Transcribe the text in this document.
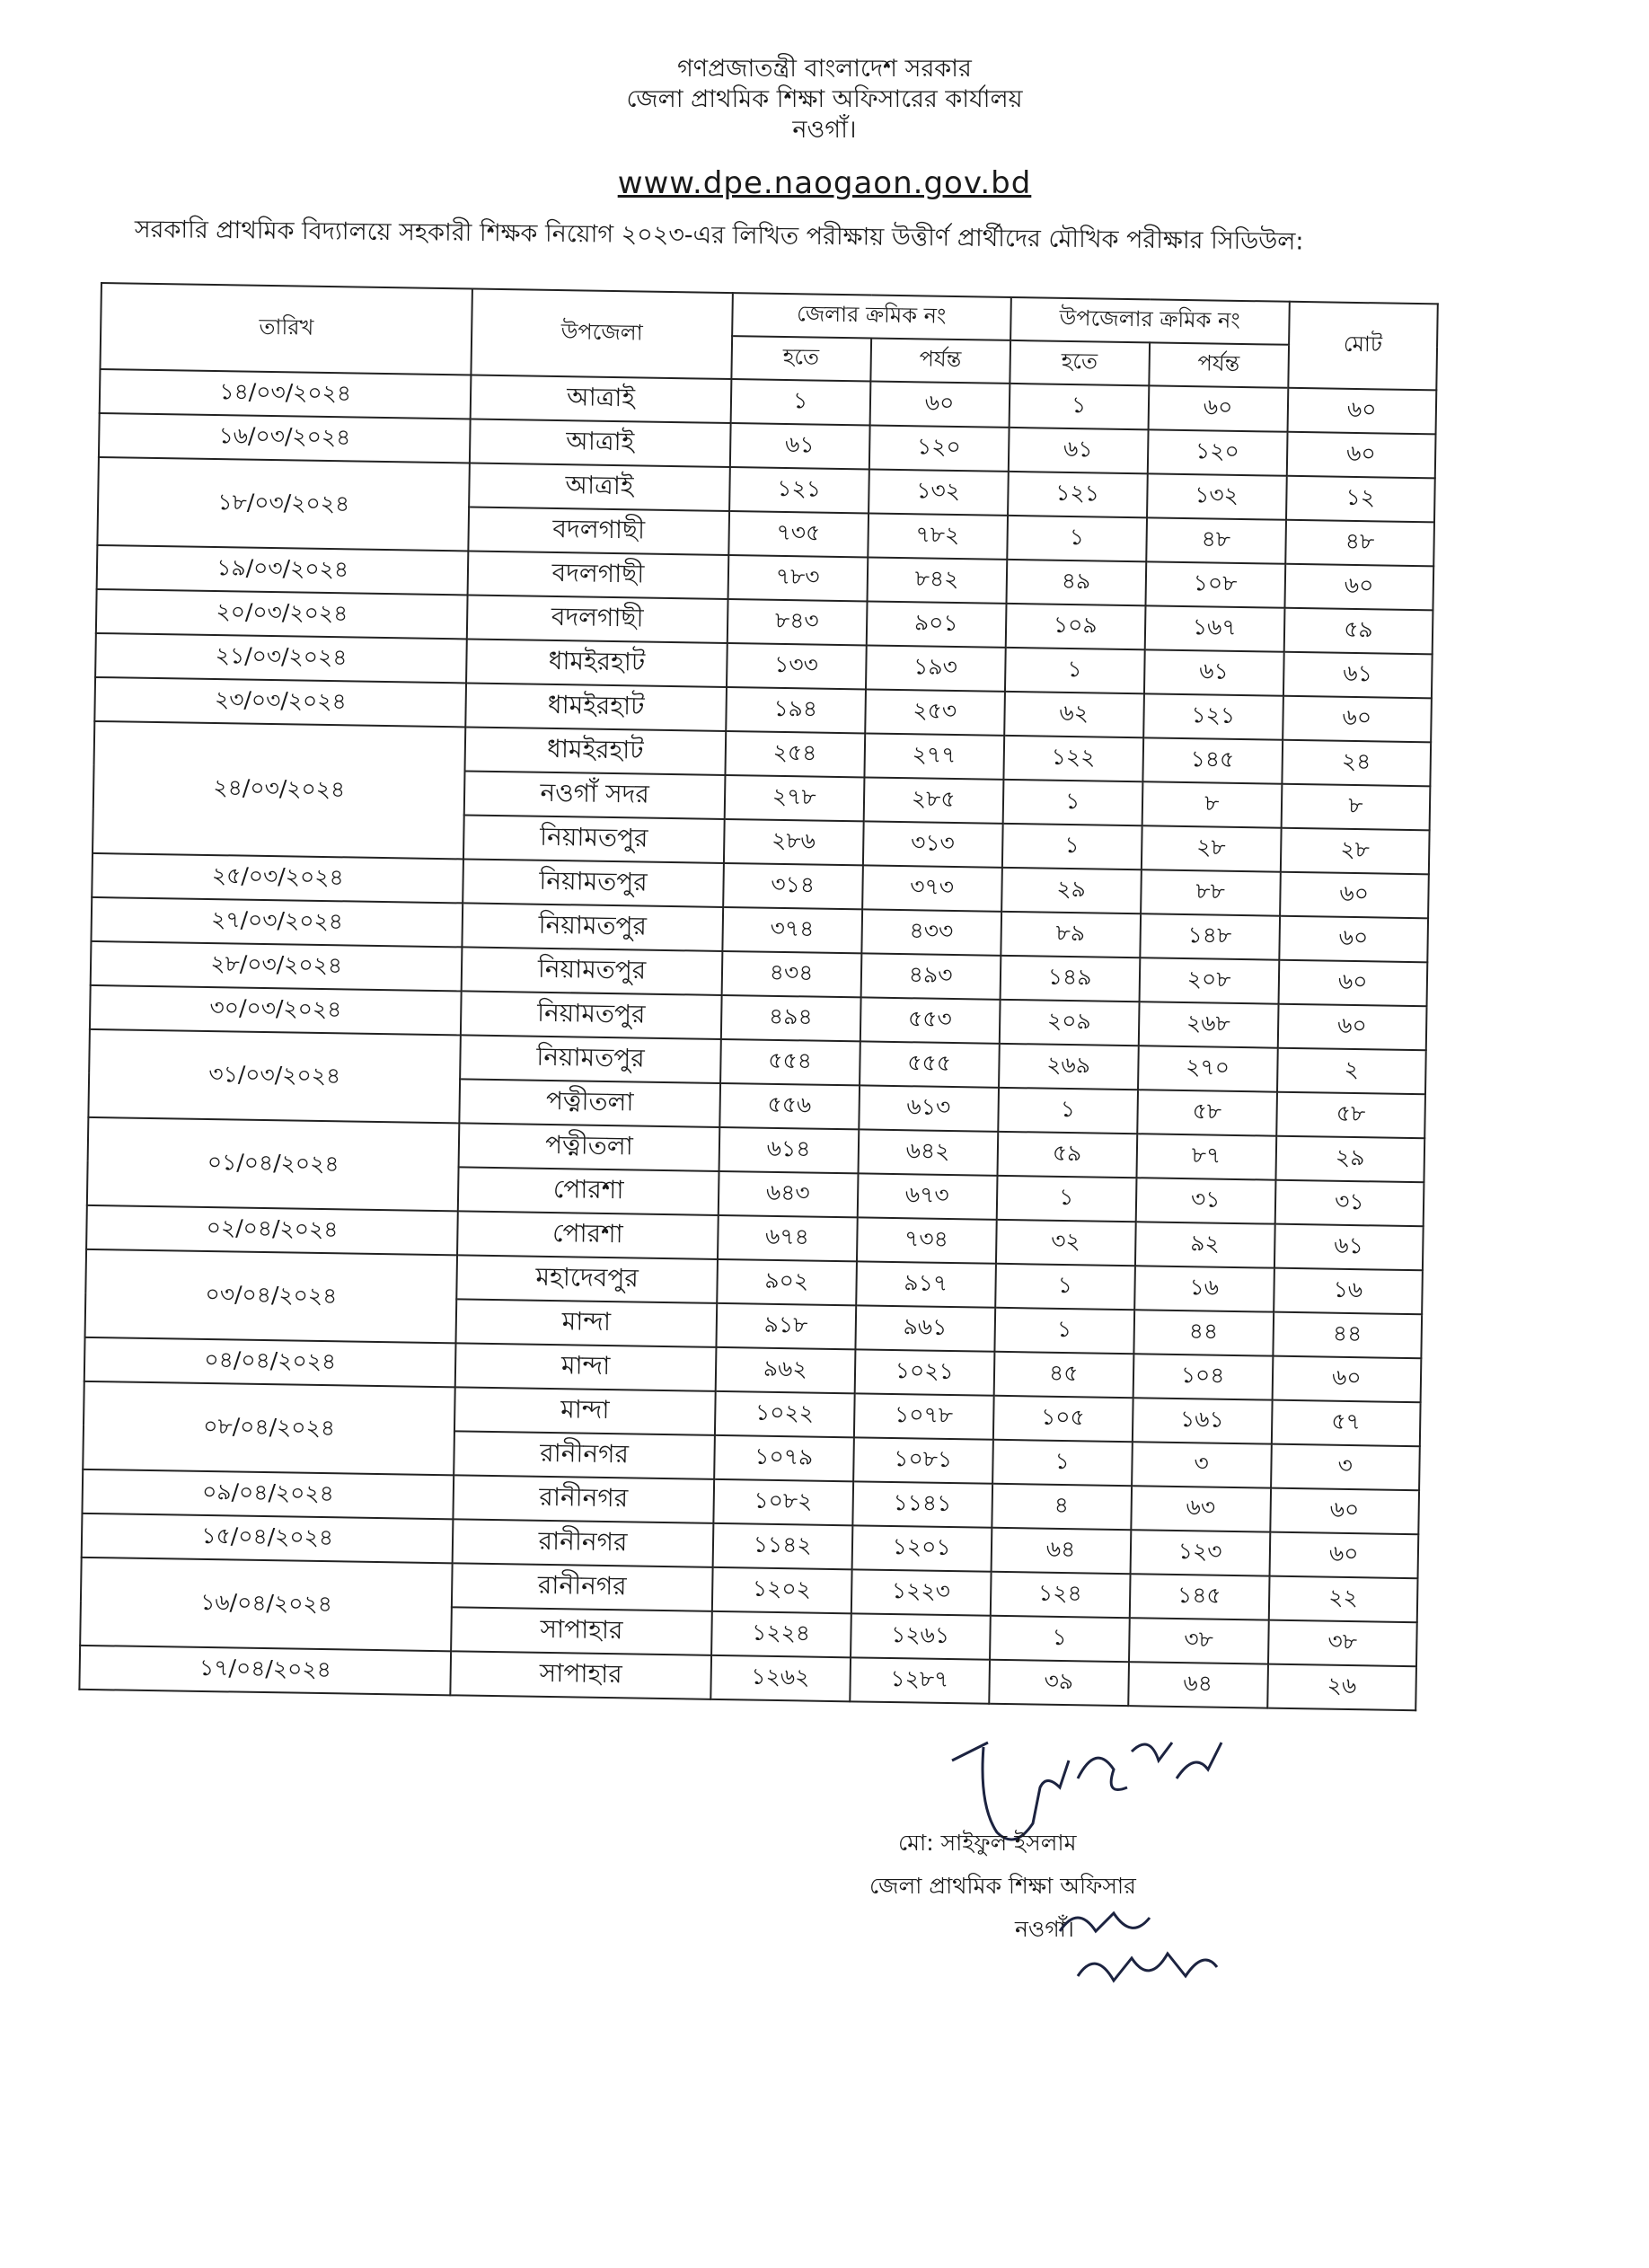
গণপ্রজাতন্ত্রী বাংলাদেশ সরকার
জেলা প্রাথমিক শিক্ষা অফিসারের কার্যালয়
নওগাঁ।
www.dpe.naogaon.gov.bd
সরকারি প্রাথমিক বিদ্যালয়ে সহকারী শিক্ষক নিয়োগ ২০২৩-এর লিখিত পরীক্ষায় উত্তীর্ণ প্রার্থীদের মৌখিক পরীক্ষার সিডিউল:
তারিখ	উপজেলা	জেলার ক্রমিক নং		উপজেলার ক্রমিক নং		মোট
		হতে	পর্যন্ত	হতে	পর্যন্ত	
১৪/০৩/২০২৪	আত্রাই	১	৬০	১	৬০	৬০
১৬/০৩/২০২৪	আত্রাই	৬১	১২০	৬১	১২০	৬০
১৮/০৩/২০২৪	আত্রাই	১২১	১৩২	১২১	১৩২	১২
	বদলগাছী	৭৩৫	৭৮২	১	৪৮	৪৮
১৯/০৩/২০২৪	বদলগাছী	৭৮৩	৮৪২	৪৯	১০৮	৬০
২০/০৩/২০২৪	বদলগাছী	৮৪৩	৯০১	১০৯	১৬৭	৫৯
২১/০৩/২০২৪	ধামইরহাট	১৩৩	১৯৩	১	৬১	৬১
২৩/০৩/২০২৪	ধামইরহাট	১৯৪	২৫৩	৬২	১২১	৬০
২৪/০৩/২০২৪	ধামইরহাট	২৫৪	২৭৭	১২২	১৪৫	২৪
	নওগাঁ সদর	২৭৮	২৮৫	১	৮	৮
	নিয়ামতপুর	২৮৬	৩১৩	১	২৮	২৮
২৫/০৩/২০২৪	নিয়ামতপুর	৩১৪	৩৭৩	২৯	৮৮	৬০
২৭/০৩/২০২৪	নিয়ামতপুর	৩৭৪	৪৩৩	৮৯	১৪৮	৬০
২৮/০৩/২০২৪	নিয়ামতপুর	৪৩৪	৪৯৩	১৪৯	২০৮	৬০
৩০/০৩/২০২৪	নিয়ামতপুর	৪৯৪	৫৫৩	২০৯	২৬৮	৬০
৩১/০৩/২০২৪	নিয়ামতপুর	৫৫৪	৫৫৫	২৬৯	২৭০	২
	পত্নীতলা	৫৫৬	৬১৩	১	৫৮	৫৮
০১/০৪/২০২৪	পত্নীতলা	৬১৪	৬৪২	৫৯	৮৭	২৯
	পোরশা	৬৪৩	৬৭৩	১	৩১	৩১
০২/০৪/২০২৪	পোরশা	৬৭৪	৭৩৪	৩২	৯২	৬১
০৩/০৪/২০২৪	মহাদেবপুর	৯০২	৯১৭	১	১৬	১৬
	মান্দা	৯১৮	৯৬১	১	৪৪	৪৪
০৪/০৪/২০২৪	মান্দা	৯৬২	১০২১	৪৫	১০৪	৬০
০৮/০৪/২০২৪	মান্দা	১০২২	১০৭৮	১০৫	১৬১	৫৭
	রানীনগর	১০৭৯	১০৮১	১	৩	৩
০৯/০৪/২০২৪	রানীনগর	১০৮২	১১৪১	৪	৬৩	৬০
১৫/০৪/২০২৪	রানীনগর	১১৪২	১২০১	৬৪	১২৩	৬০
১৬/০৪/২০২৪	রানীনগর	১২০২	১২২৩	১২৪	১৪৫	২২
	সাপাহার	১২২৪	১২৬১	১	৩৮	৩৮
১৭/০৪/২০২৪	সাপাহার	১২৬২	১২৮৭	৩৯	৬৪	২৬
মো: সাইফুল ইসলাম
জেলা প্রাথমিক শিক্ষা অফিসার
নওগাঁ।
